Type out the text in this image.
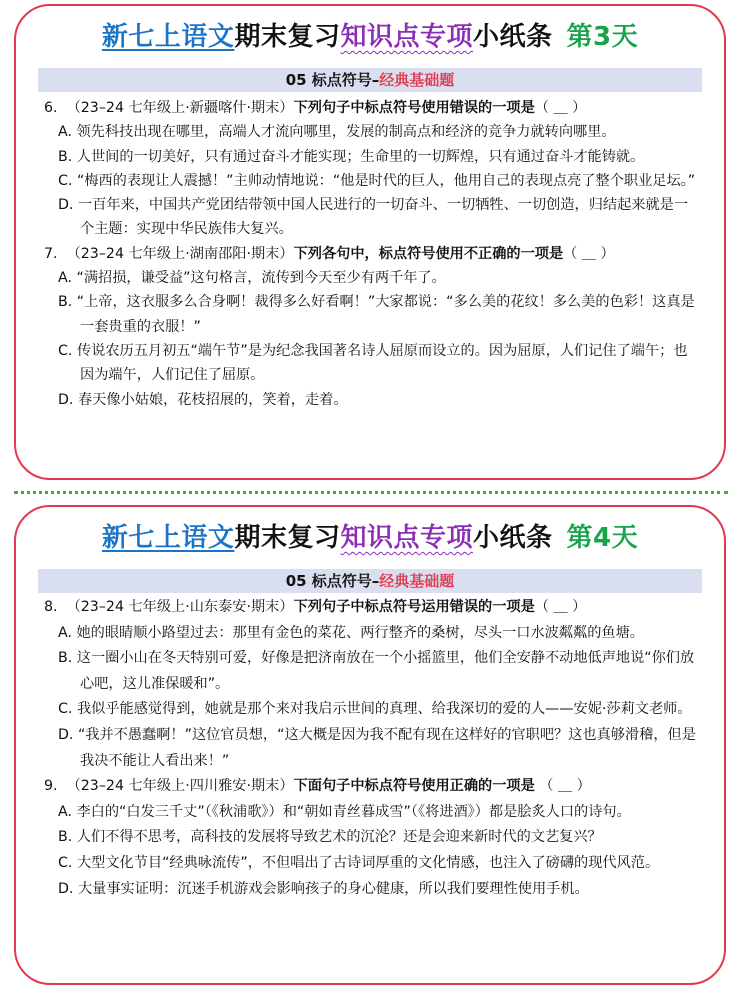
新七上语文期末复习知识点专项小纸条 第3天
05 标点符号–经典基础题

6. （23–24 七年级上·新疆喀什·期末）下列句子中标点符号使用错误的一项是（ ＿ ）

A. 领先科技出现在哪里，高端人才流向哪里，发展的制高点和经济的竞争力就转向哪里。

B. 人世间的一切美好，只有通过奋斗才能实现；生命里的一切辉煌，只有通过奋斗才能铸就。

C. “梅西的表现让人震撼！”主帅动情地说：“他是时代的巨人，他用自己的表现点亮了整个职业足坛。”

D. 一百年来，中国共产党团结带领中国人民进行的一切奋斗、一切牺牲、一切创造，归结起来就是一个主题：实现中华民族伟大复兴。

7. （23–24 七年级上·湖南邵阳·期末）下列各句中，标点符号使用不正确的一项是（ ＿ ）

A. “满招损，谦受益”这句格言，流传到今天至少有两千年了。

B. “上帝，这衣服多么合身啊！裁得多么好看啊！”大家都说：“多么美的花纹！多么美的色彩！这真是一套贵重的衣服！”

C. 传说农历五月初五“端午节”是为纪念我国著名诗人屈原而设立的。因为屈原，人们记住了端午；也因为端午，人们记住了屈原。

D. 春天像小姑娘，花枝招展的，笑着，走着。

新七上语文期末复习知识点专项小纸条 第4天
05 标点符号–经典基础题

8. （23–24 七年级上·山东泰安·期末）下列句子中标点符号运用错误的一项是（ ＿ ）

A. 她的眼睛顺小路望过去：那里有金色的菜花、两行整齐的桑树，尽头一口水波粼粼的鱼塘。

B. 这一圈小山在冬天特别可爱，好像是把济南放在一个小摇篮里，他们全安静不动地低声地说“你们放心吧，这儿准保暖和”。

C. 我似乎能感觉得到，她就是那个来对我启示世间的真理、给我深切的爱的人——安妮·莎莉文老师。

D. “我并不愚蠢啊！”这位官员想，“这大概是因为我不配有现在这样好的官职吧？这也真够滑稽，但是我决不能让人看出来！”

9. （23–24 七年级上·四川雅安·期末）下面句子中标点符号使用正确的一项是 （ ＿ ）

A. 李白的“白发三千丈”（《秋浦歌》）和“朝如青丝暮成雪”（《将进酒》）都是脍炙人口的诗句。

B. 人们不得不思考，高科技的发展将导致艺术的沉沦？还是会迎来新时代的文艺复兴？

C. 大型文化节目“经典咏流传”，不但唱出了古诗词厚重的文化情感，也注入了磅礴的现代风范。

D. 大量事实证明：沉迷手机游戏会影响孩子的身心健康，所以我们要理性使用手机。
